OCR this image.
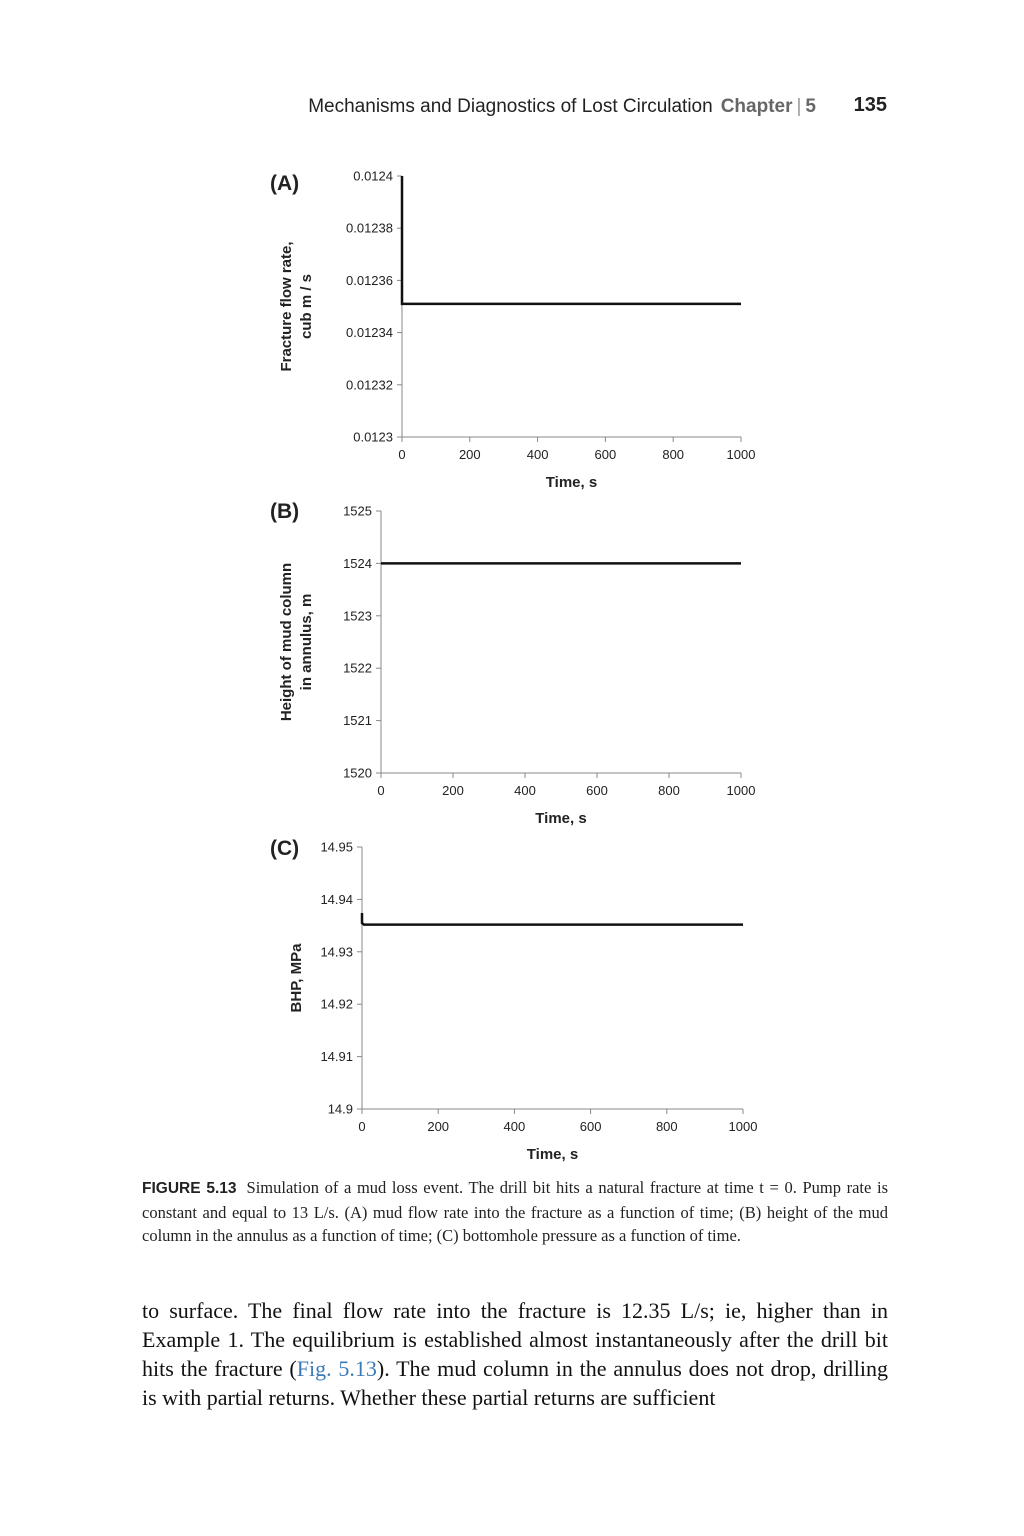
Mechanisms and Diagnostics of Lost Circulation Chapter | 5 135
(A)
0.0123
0.01232
0.01234
0.01236
0.01238
0.0124
0	200	400	600	800	1000
Time, s
Fracture flow rate, cub m / s
(B)
1520
1521
1522
1523
1524
1525
0	200	400	600	800	1000
Time, s
Height of mud column in annulus, m
(C)
14.9
14.91
14.92
14.93
14.94
14.95
0	200	400	600	800	1000
Time, s
BHP, MPa
FIGURE 5.13 Simulation of a mud loss event. The drill bit hits a natural fracture at time t = 0. Pump rate is constant and equal to 13 L/s. (A) mud flow rate into the fracture as a function of time; (B) height of the mud column in the annulus as a function of time; (C) bottomhole pressure as a function of time.
to surface. The final flow rate into the fracture is 12.35 L/s; ie, higher than in Example 1. The equilibrium is established almost instantaneously after the drill bit hits the fracture (Fig. 5.13). The mud column in the annulus does not drop, drilling is with partial returns. Whether these partial returns are sufficient
